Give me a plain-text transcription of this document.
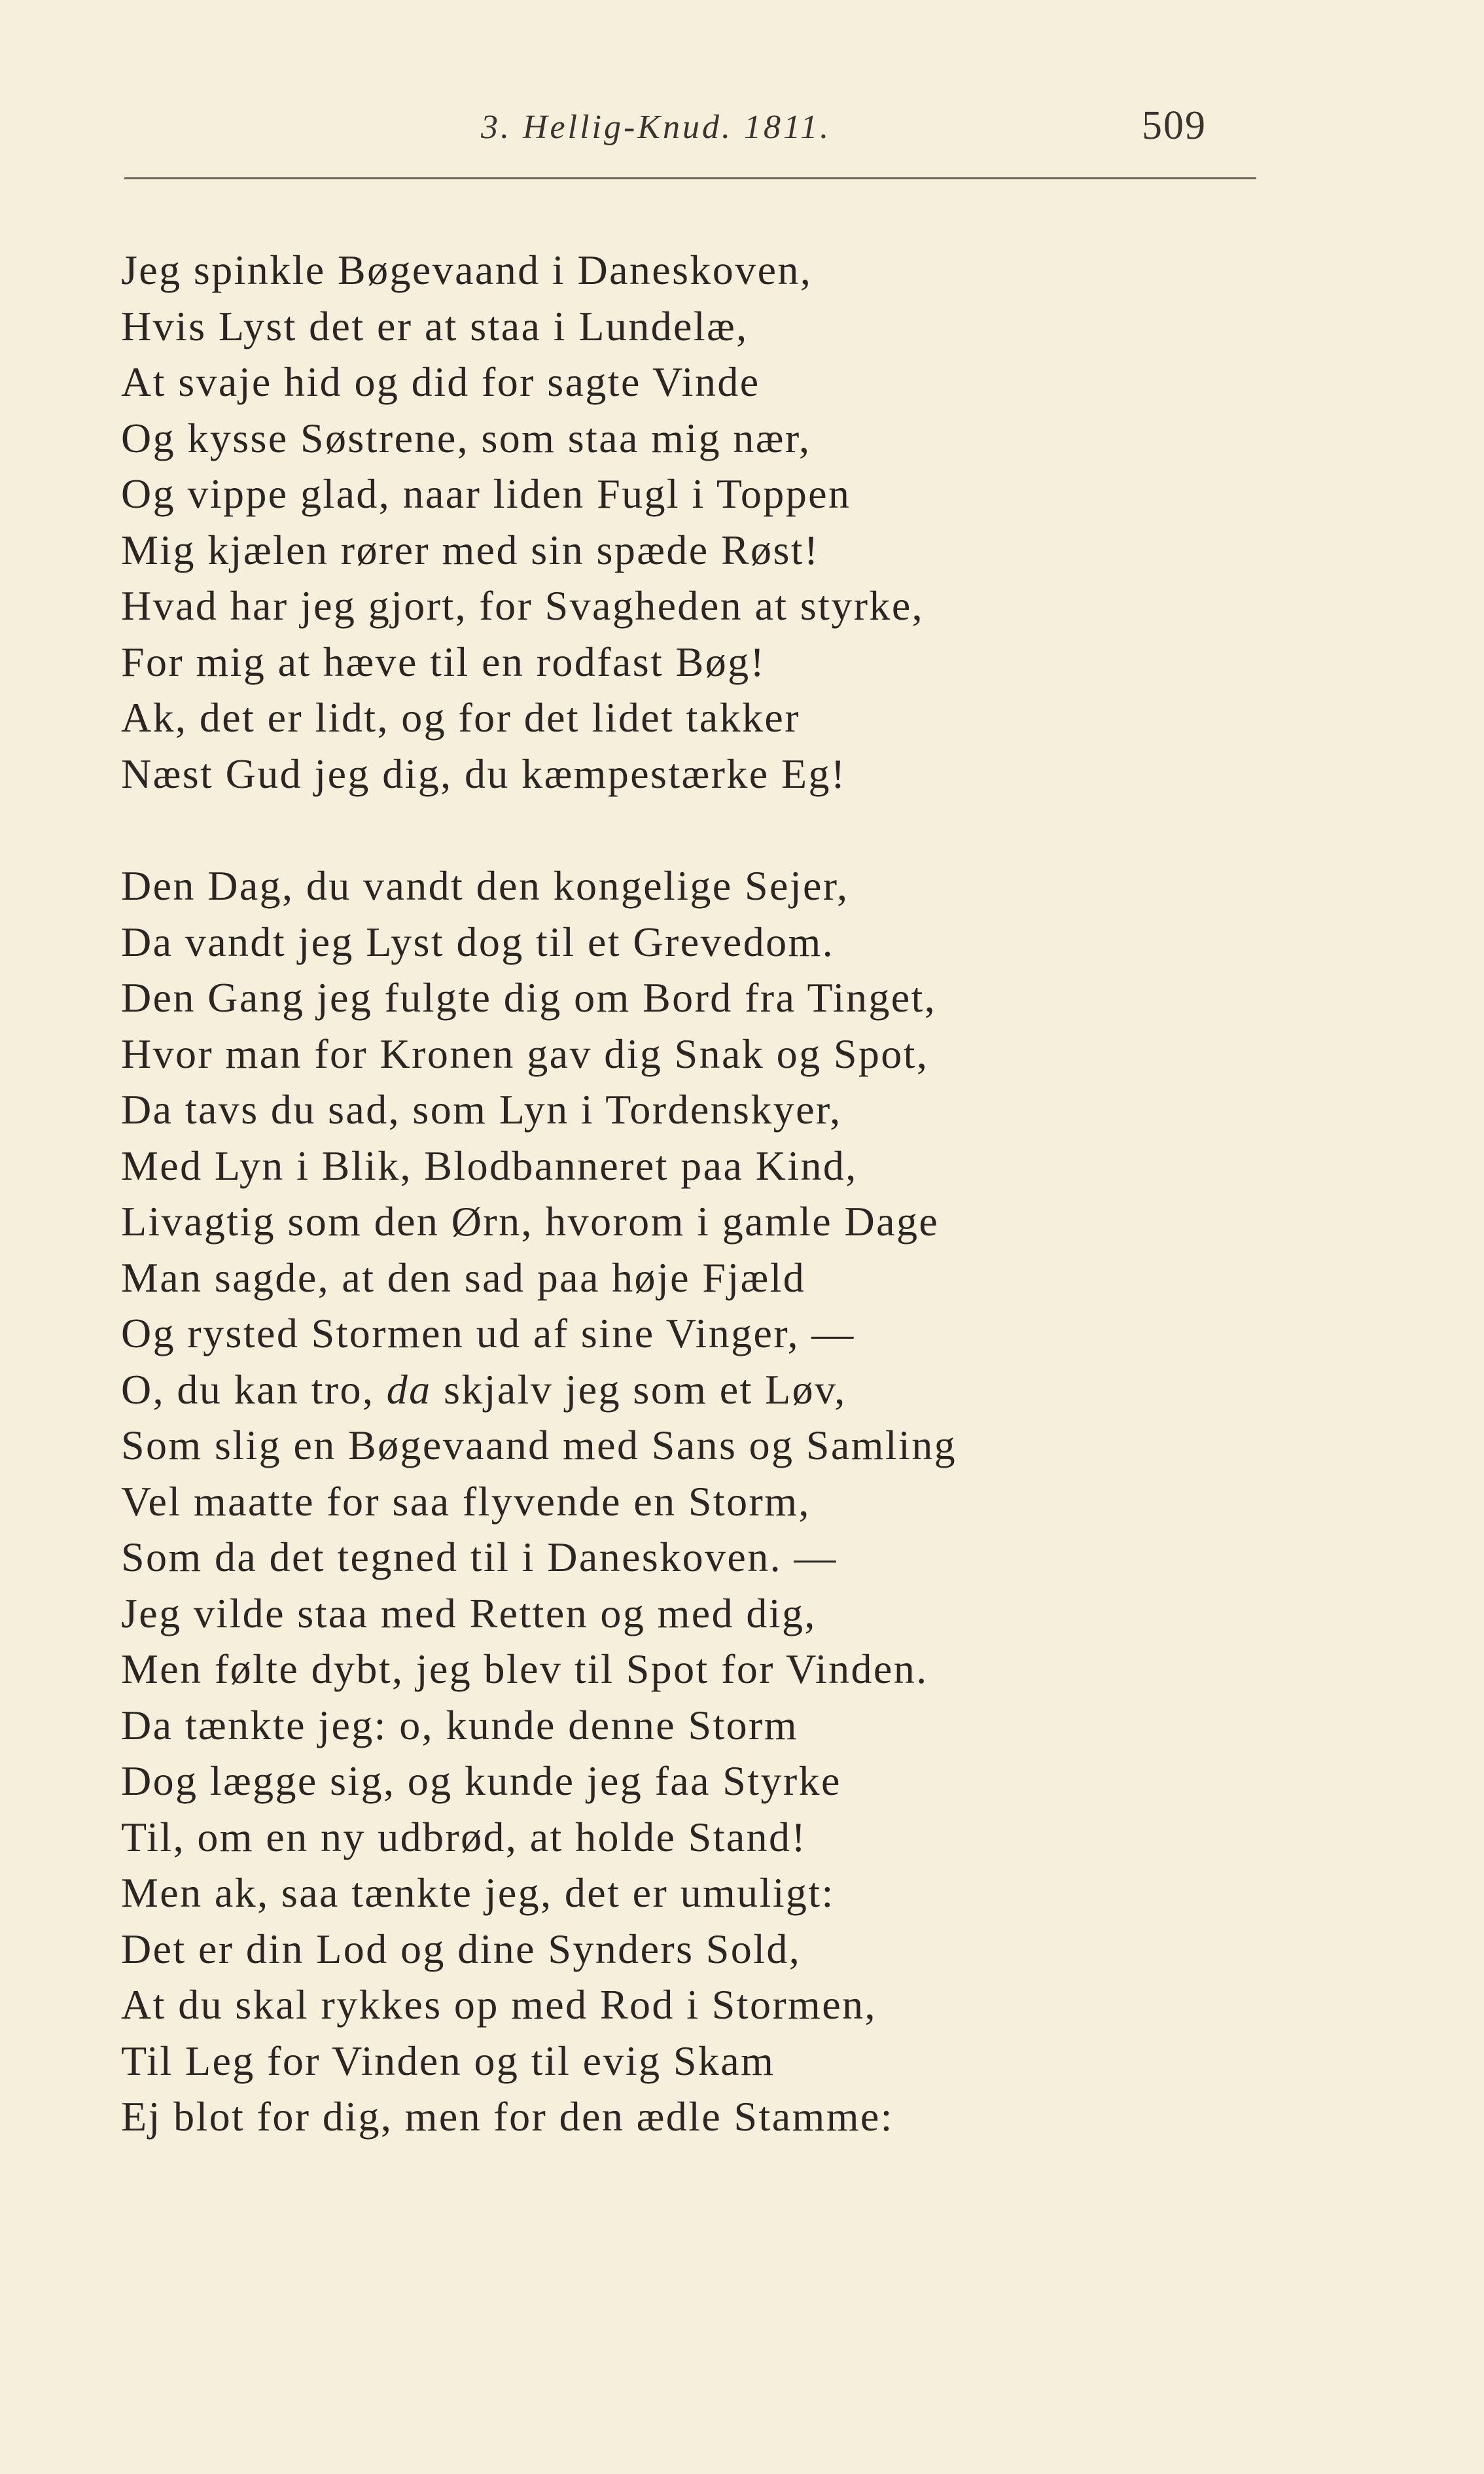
3. Hellig-Knud. 1811.	509
Jeg spinkle Bøgevaand i Daneskoven,
Hvis Lyst det er at staa i Lundelæ,
At svaje hid og did for sagte Vinde
Og kysse Søstrene, som staa mig nær,
Og vippe glad, naar liden Fugl i Toppen
Mig kjælen rører med sin spæde Røst!
Hvad har jeg gjort, for Svagheden at styrke,
For mig at hæve til en rodfast Bøg!
Ak, det er lidt, og for det lidet takker
Næst Gud jeg dig, du kæmpestærke Eg!
Den Dag, du vandt den kongelige Sejer,
Da vandt jeg Lyst dog til et Grevedom.
Den Gang jeg fulgte dig om Bord fra Tinget,
Hvor man for Kronen gav dig Snak og Spot,
Da tavs du sad, som Lyn i Tordenskyer,
Med Lyn i Blik, Blodbanneret paa Kind,
Livagtig som den Ørn, hvorom i gamle Dage
Man sagde, at den sad paa høje Fjæld
Og rysted Stormen ud af sine Vinger, —
O, du kan tro, da skjalv jeg som et Løv,
Som slig en Bøgevaand med Sans og Samling
Vel maatte for saa flyvende en Storm,
Som da det tegned til i Daneskoven. —
Jeg vilde staa med Retten og med dig,
Men følte dybt, jeg blev til Spot for Vinden.
Da tænkte jeg: o, kunde denne Storm
Dog lægge sig, og kunde jeg faa Styrke
Til, om en ny udbrød, at holde Stand!
Men ak, saa tænkte jeg, det er umuligt:
Det er din Lod og dine Synders Sold,
At du skal rykkes op med Rod i Stormen,
Til Leg for Vinden og til evig Skam
Ej blot for dig, men for den ædle Stamme:
